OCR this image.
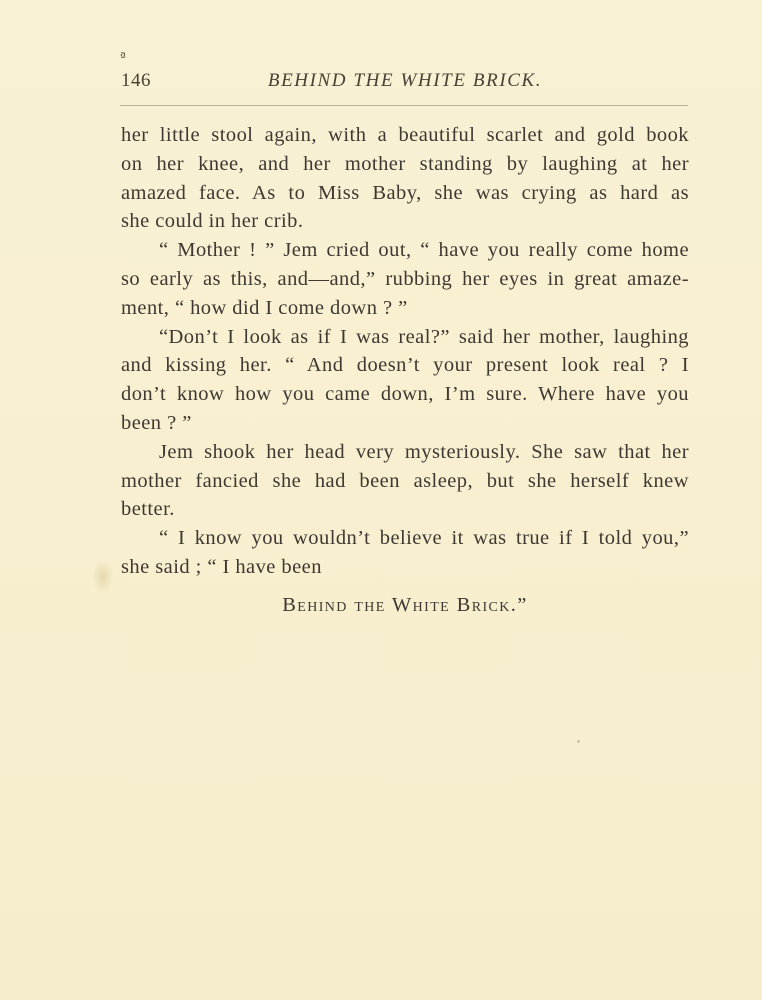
ª
146	BEHIND THE WHITE BRICK.

her little stool again, with a beautiful scarlet and gold book
on her knee, and her mother standing by laughing at her
amazed face. As to Miss Baby, she was crying as hard as
she could in her crib.

“ Mother ! ” Jem cried out, “ have you really come home
so early as this, and—and,” rubbing her eyes in great amaze-
ment, “ how did I come down ? ”

“Don’t I look as if I was real?” said her mother, laughing
and kissing her. “ And doesn’t your present look real ? I
don’t know how you came down, I’m sure. Where have you
been ? ”

Jem shook her head very mysteriously. She saw that her
mother fancied she had been asleep, but she herself knew
better.

“ I know you wouldn’t believe it was true if I told you,”
she said ; “ I have been

Behind the White Brick.”
